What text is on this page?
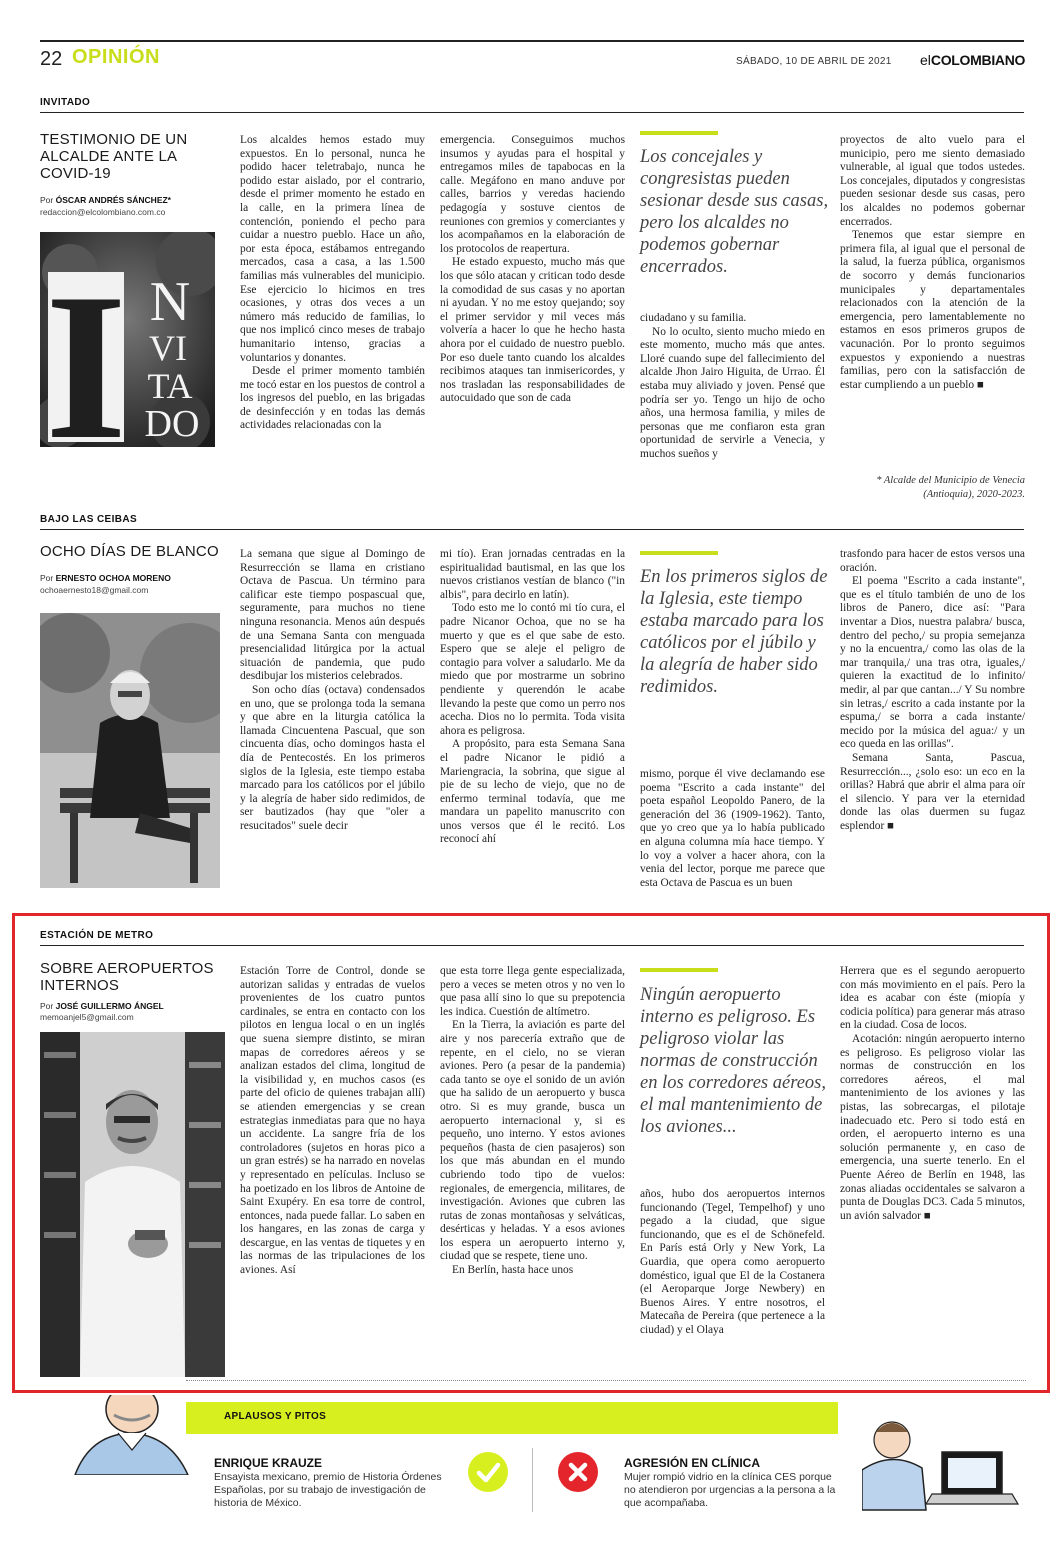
22 OPINIÓN	SÁBADO, 10 DE ABRIL DE 2021 elCOLOMBIANO
INVITADO
TESTIMONIO DE UN ALCALDE ANTE LA COVID-19
Por ÓSCAR ANDRÉS SÁNCHEZ*
redaccion@elcolombiano.com.co
I N
VI
TA
DO

Los alcaldes hemos estado muy expuestos. En lo personal, nunca he podido hacer teletrabajo, nunca he podido estar aislado, por el contrario, desde el primer momento he estado en la calle, en la primera línea de contención, poniendo el pecho para cuidar a nuestro pueblo. Hace un año, por esta época, estábamos entregando mercados, casa a casa, a las 1.500 familias más vulnerables del municipio. Ese ejercicio lo hicimos en tres ocasiones, y otras dos veces a un número más reducido de familias, lo que nos implicó cinco meses de trabajo humanitario intenso, gracias a voluntarios y donantes.

Desde el primer momento también me tocó estar en los puestos de control a los ingresos del pueblo, en las brigadas de desinfección y en todas las demás actividades relacionadas con la

emergencia. Conseguimos muchos insumos y ayudas para el hospital y entregamos miles de tapabocas en la calle. Megáfono en mano anduve por calles, barrios y veredas haciendo pedagogía y sostuve cientos de reuniones con gremios y comerciantes y los acompañamos en la elaboración de los protocolos de reapertura.

He estado expuesto, mucho más que los que sólo atacan y critican todo desde la comodidad de sus casas y no aportan ni ayudan. Y no me estoy quejando; soy el primer servidor y mil veces más volvería a hacer lo que he hecho hasta ahora por el cuidado de nuestro pueblo. Por eso duele tanto cuando los alcaldes recibimos ataques tan inmisericordes, y nos trasladan las responsabilidades de autocuidado que son de cada

Los concejales y congresistas pueden sesionar desde sus casas, pero los alcaldes no podemos gobernar encerrados.

ciudadano y su familia.

No lo oculto, siento mucho miedo en este momento, mucho más que antes. Lloré cuando supe del fallecimiento del alcalde Jhon Jairo Higuita, de Urrao. Él estaba muy aliviado y joven. Pensé que podría ser yo. Tengo un hijo de ocho años, una hermosa familia, y miles de personas que me confiaron esta gran oportunidad de servirle a Venecia, y muchos sueños y

proyectos de alto vuelo para el municipio, pero me siento demasiado vulnerable, al igual que todos ustedes. Los concejales, diputados y congresistas pueden sesionar desde sus casas, pero los alcaldes no podemos gobernar encerrados.

Tenemos que estar siempre en primera fila, al igual que el personal de la salud, la fuerza pública, organismos de socorro y demás funcionarios municipales y departamentales relacionados con la atención de la emergencia, pero lamentablemente no estamos en esos primeros grupos de vacunación. Por lo pronto seguimos expuestos y exponiendo a nuestras familias, pero con la satisfacción de estar cumpliendo a un pueblo ■

* Alcalde del Municipio de Venecia (Antioquia), 2020-2023.
BAJO LAS CEIBAS
OCHO DÍAS DE BLANCO
Por ERNESTO OCHOA MORENO
ochoaernesto18@gmail.com

La semana que sigue al Domingo de Resurrección se llama en cristiano Octava de Pascua. Un término para calificar este tiempo pospascual que, seguramente, para muchos no tiene ninguna resonancia. Menos aún después de una Semana Santa con menguada presencialidad litúrgica por la actual situación de pandemia, que pudo desdibujar los misterios celebrados.

Son ocho días (octava) condensados en uno, que se prolonga toda la semana y que abre en la liturgia católica la llamada Cincuentena Pascual, que son cincuenta días, ocho domingos hasta el día de Pentecostés. En los primeros siglos de la Iglesia, este tiempo estaba marcado para los católicos por el júbilo y la alegría de haber sido redimidos, de ser bautizados (hay que "oler a resucitados" suele decir

mi tío). Eran jornadas centradas en la espiritualidad bautismal, en las que los nuevos cristianos vestían de blanco ("in albis", para decirlo en latín).

Todo esto me lo contó mi tío cura, el padre Nicanor Ochoa, que no se ha muerto y que es el que sabe de esto. Espero que se aleje el peligro de contagio para volver a saludarlo. Me da miedo que por mostrarme un sobrino pendiente y querendón le acabe llevando la peste que como un perro nos acecha. Dios no lo permita. Toda visita ahora es peligrosa.

A propósito, para esta Semana Sana el padre Nicanor le pidió a Mariengracia, la sobrina, que sigue al pie de su lecho de viejo, que no de enfermo terminal todavía, que me mandara un papelito manuscrito con unos versos que él le recitó. Los reconocí ahí

En los primeros siglos de la Iglesia, este tiempo estaba marcado para los católicos por el júbilo y la alegría de haber sido redimidos.

mismo, porque él vive declamando ese poema "Escrito a cada instante" del poeta español Leopoldo Panero, de la generación del 36 (1909-1962). Tanto, que yo creo que ya lo había publicado en alguna columna mía hace tiempo. Y lo voy a volver a hacer ahora, con la venia del lector, porque me parece que esta Octava de Pascua es un buen

trasfondo para hacer de estos versos una oración.

El poema "Escrito a cada instante", que es el título también de uno de los libros de Panero, dice así: "Para inventar a Dios, nuestra palabra/ busca, dentro del pecho,/ su propia semejanza y no la encuentra,/ como las olas de la mar tranquila,/ una tras otra, iguales,/ quieren la exactitud de lo infinito/ medir, al par que cantan.../ Y Su nombre sin letras,/ escrito a cada instante por la espuma,/ se borra a cada instante/ mecido por la música del agua:/ y un eco queda en las orillas".

Semana Santa, Pascua, Resurrección..., ¿solo eso: un eco en la orillas? Habrá que abrir el alma para oír el silencio. Y para ver la eternidad donde las olas duermen su fugaz esplendor ■

ESTACIÓN DE METRO
SOBRE AEROPUERTOS INTERNOS
Por JOSÉ GUILLERMO ÁNGEL
memoanjel5@gmail.com

Estación Torre de Control, donde se autorizan salidas y entradas de vuelos provenientes de los cuatro puntos cardinales, se entra en contacto con los pilotos en lengua local o en un inglés que suena siempre distinto, se miran mapas de corredores aéreos y se analizan estados del clima, longitud de la visibilidad y, en muchos casos (es parte del oficio de quienes trabajan allí) se atienden emergencias y se crean estrategias inmediatas para que no haya un accidente. La sangre fría de los controladores (sujetos en horas pico a un gran estrés) se ha narrado en novelas y representado en películas. Incluso se ha poetizado en los libros de Antoine de Saint Exupéry. En esa torre de control, entonces, nada puede fallar. Lo saben en los hangares, en las zonas de carga y descargue, en las ventas de tiquetes y en las normas de las tripulaciones de los aviones. Así

que esta torre llega gente especializada, pero a veces se meten otros y no ven lo que pasa allí sino lo que su prepotencia les indica. Cuestión de altímetro.

En la Tierra, la aviación es parte del aire y nos parecería extraño que de repente, en el cielo, no se vieran aviones. Pero (a pesar de la pandemia) cada tanto se oye el sonido de un avión que ha salido de un aeropuerto y busca otro. Si es muy grande, busca un aeropuerto internacional y, si es pequeño, uno interno. Y estos aviones pequeños (hasta de cien pasajeros) son los que más abundan en el mundo cubriendo todo tipo de vuelos: regionales, de emergencia, militares, de investigación. Aviones que cubren las rutas de zonas montañosas y selváticas, desérticas y heladas. Y a esos aviones los espera un aeropuerto interno y, ciudad que se respete, tiene uno.

En Berlín, hasta hace unos

Ningún aeropuerto interno es peligroso. Es peligroso violar las normas de construcción en los corredores aéreos, el mal mantenimiento de los aviones...

años, hubo dos aeropuertos internos funcionando (Tegel, Tempelhof) y uno pegado a la ciudad, que sigue funcionando, que es el de Schönefeld. En París está Orly y New York, La Guardia, que opera como aeropuerto doméstico, igual que El de la Costanera (el Aeroparque Jorge Newbery) en Buenos Aires. Y entre nosotros, el Matecaña de Pereira (que pertenece a la ciudad) y el Olaya

Herrera que es el segundo aeropuerto con más movimiento en el país. Pero la idea es acabar con éste (miopía y codicia política) para generar más atraso en la ciudad. Cosa de locos.

Acotación: ningún aeropuerto interno es peligroso. Es peligroso violar las normas de construcción en los corredores aéreos, el mal mantenimiento de los aviones y las pistas, las sobrecargas, el pilotaje inadecuado etc. Pero si todo está en orden, el aeropuerto interno es una solución permanente y, en caso de emergencia, una suerte tenerlo. En el Puente Aéreo de Berlín en 1948, las zonas aliadas occidentales se salvaron a punta de Douglas DC3. Cada 5 minutos, un avión salvador ■

APLAUSOS Y PITOS
ENRIQUE KRAUZE
Ensayista mexicano, premio de Historia Órdenes Españolas, por su trabajo de investigación de historia de México.
AGRESIÓN EN CLÍNICA
Mujer rompió vidrio en la clínica CES porque no atendieron por urgencias a la persona a la que acompañaba.
